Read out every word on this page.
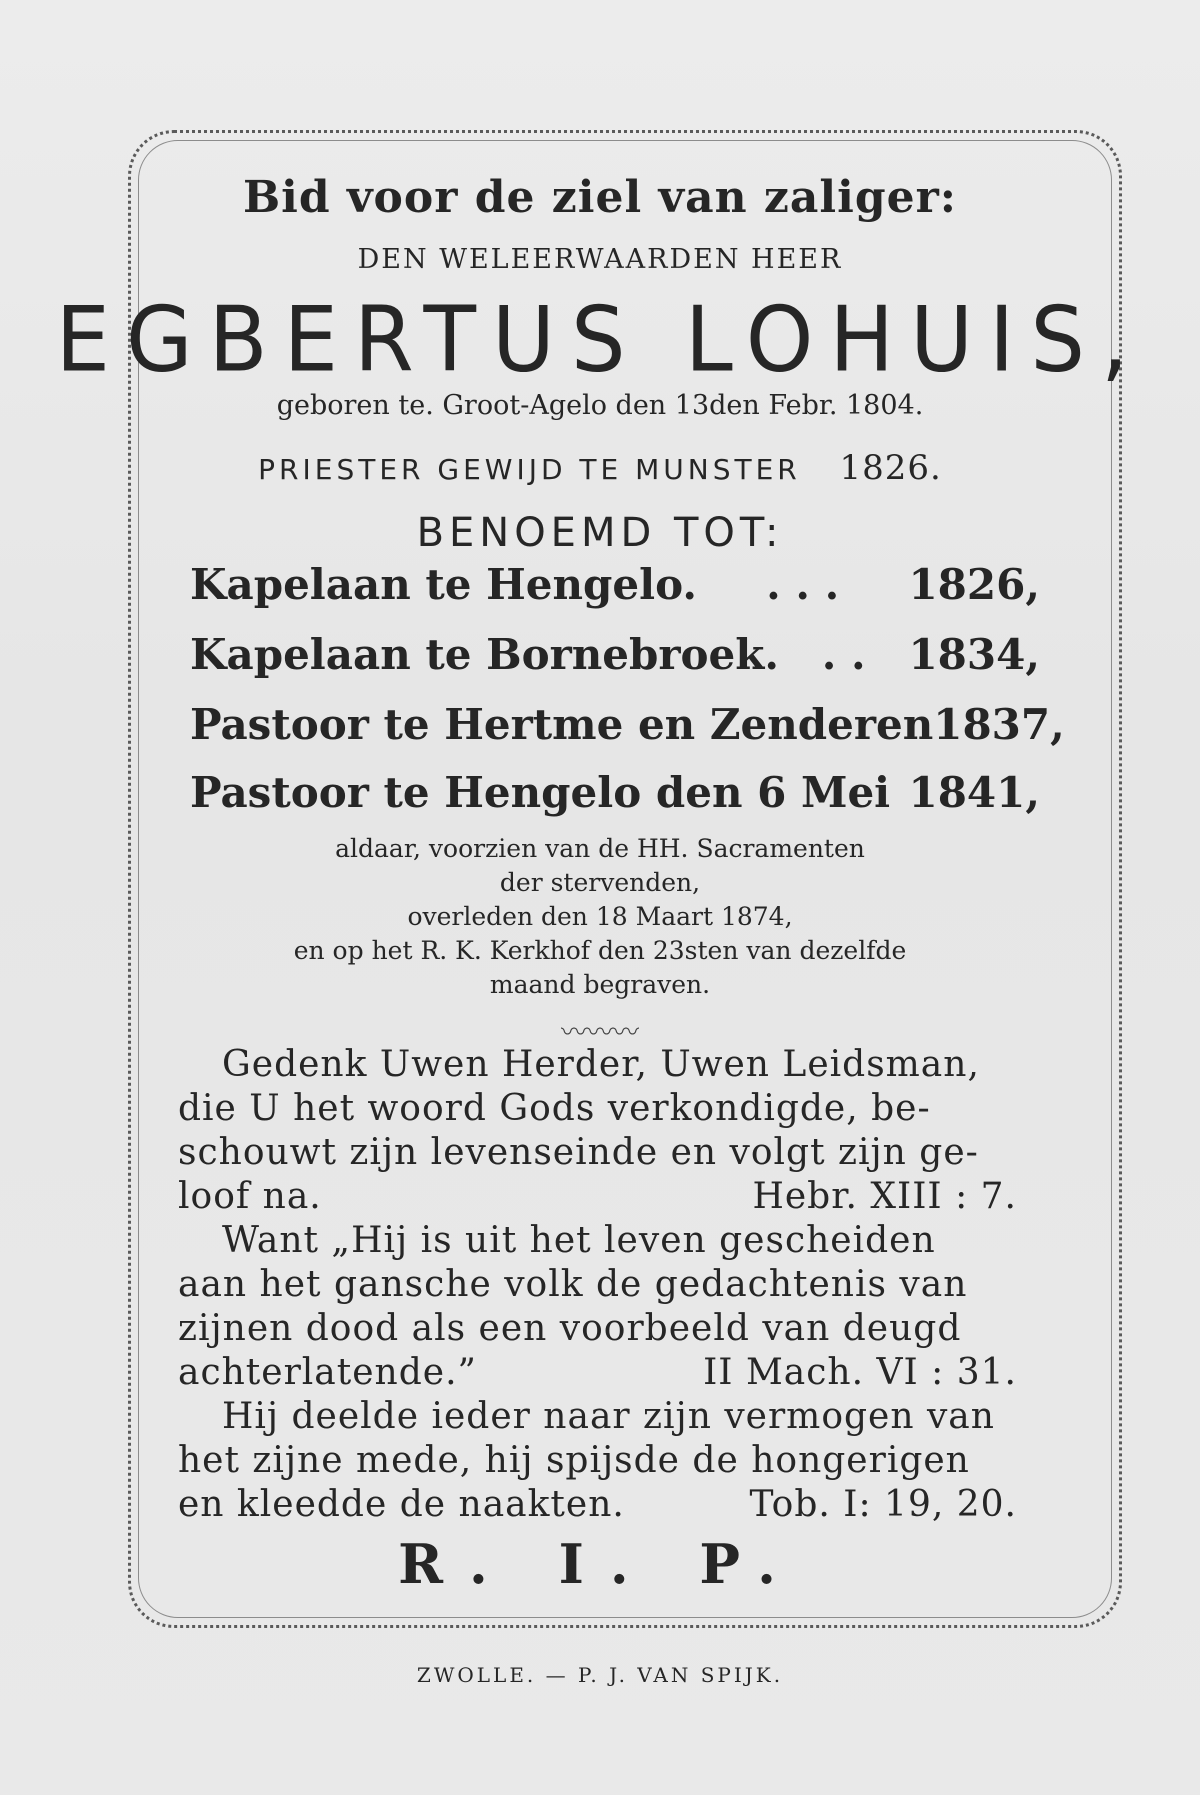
Bid voor de ziel van zaliger:

DEN WELEERWAARDEN HEER

EGBERTUS LOHUIS,

geboren te. Groot-Agelo den 13den Febr. 1804.

PRIESTER GEWIJD TE MUNSTER 1826.

BENOEMD TOT:

Kapelaan te Hengelo. . . . 1826,
Kapelaan te Bornebroek. . . 1834,
Pastoor te Hertme en Zenderen 1837,
Pastoor te Hengelo den 6 Mei 1841,

aldaar, voorzien van de HH. Sacramenten

der stervenden,

overleden den 18 Maart 1874,

en op het R. K. Kerkhof den 23sten van dezelfde

maand begraven.

〰〰〰

Gedenk Uwen Herder, Uwen Leidsman,
die U het woord Gods verkondigde, be-
schouwt zijn levenseinde en volgt zijn ge-
loof na.	Hebr. XIII : 7.
Want „Hij is uit het leven gescheiden
aan het gansche volk de gedachtenis van
zijnen dood als een voorbeeld van deugd
achterlatende.”	II Mach. VI : 31.
Hij deelde ieder naar zijn vermogen van
het zijne mede, hij spijsde de hongerigen
en kleedde de naakten.	Tob. I: 19, 20.

R. I. P.

ZWOLLE. — P. J. VAN SPIJK.
